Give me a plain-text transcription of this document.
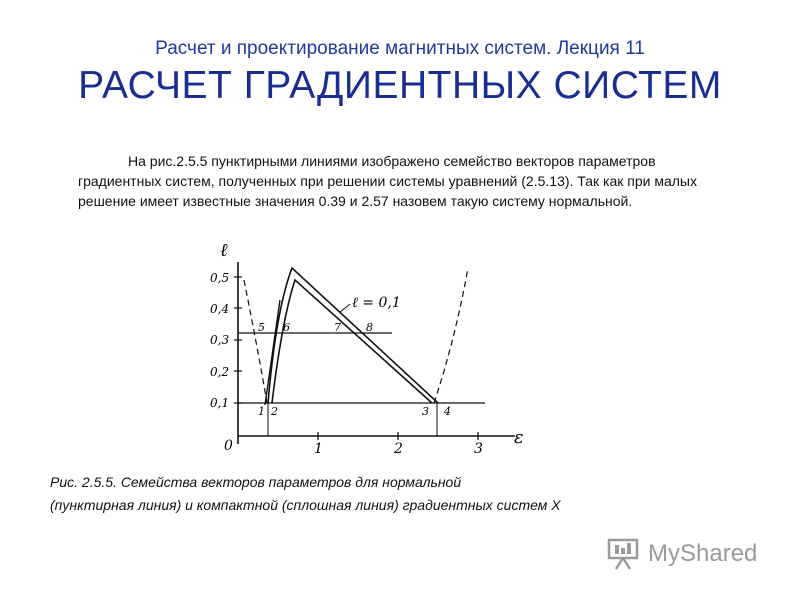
Расчет и проектирование магнитных систем. Лекция 11
РАСЧЕТ ГРАДИЕНТНЫХ СИСТЕМ
На рис.2.5.5 пунктирными линиями изображено семейство векторов параметров градиентных систем, полученных при решении системы уравнений (2.5.13). Так как при малых решение имеет известные значения 0.39 и 2.57 назовем такую систему нормальной.
ℓ
ε
0
0,1
0,2
0,3
0,4
0,5
1	2	3
ℓ = 0,1
1 2	3 4
5 6	7 8
Рис. 2.5.5. Семейства векторов параметров для нормальной
(пунктирная линия) и компактной (сплошная линия) градиентных систем X
MyShared
